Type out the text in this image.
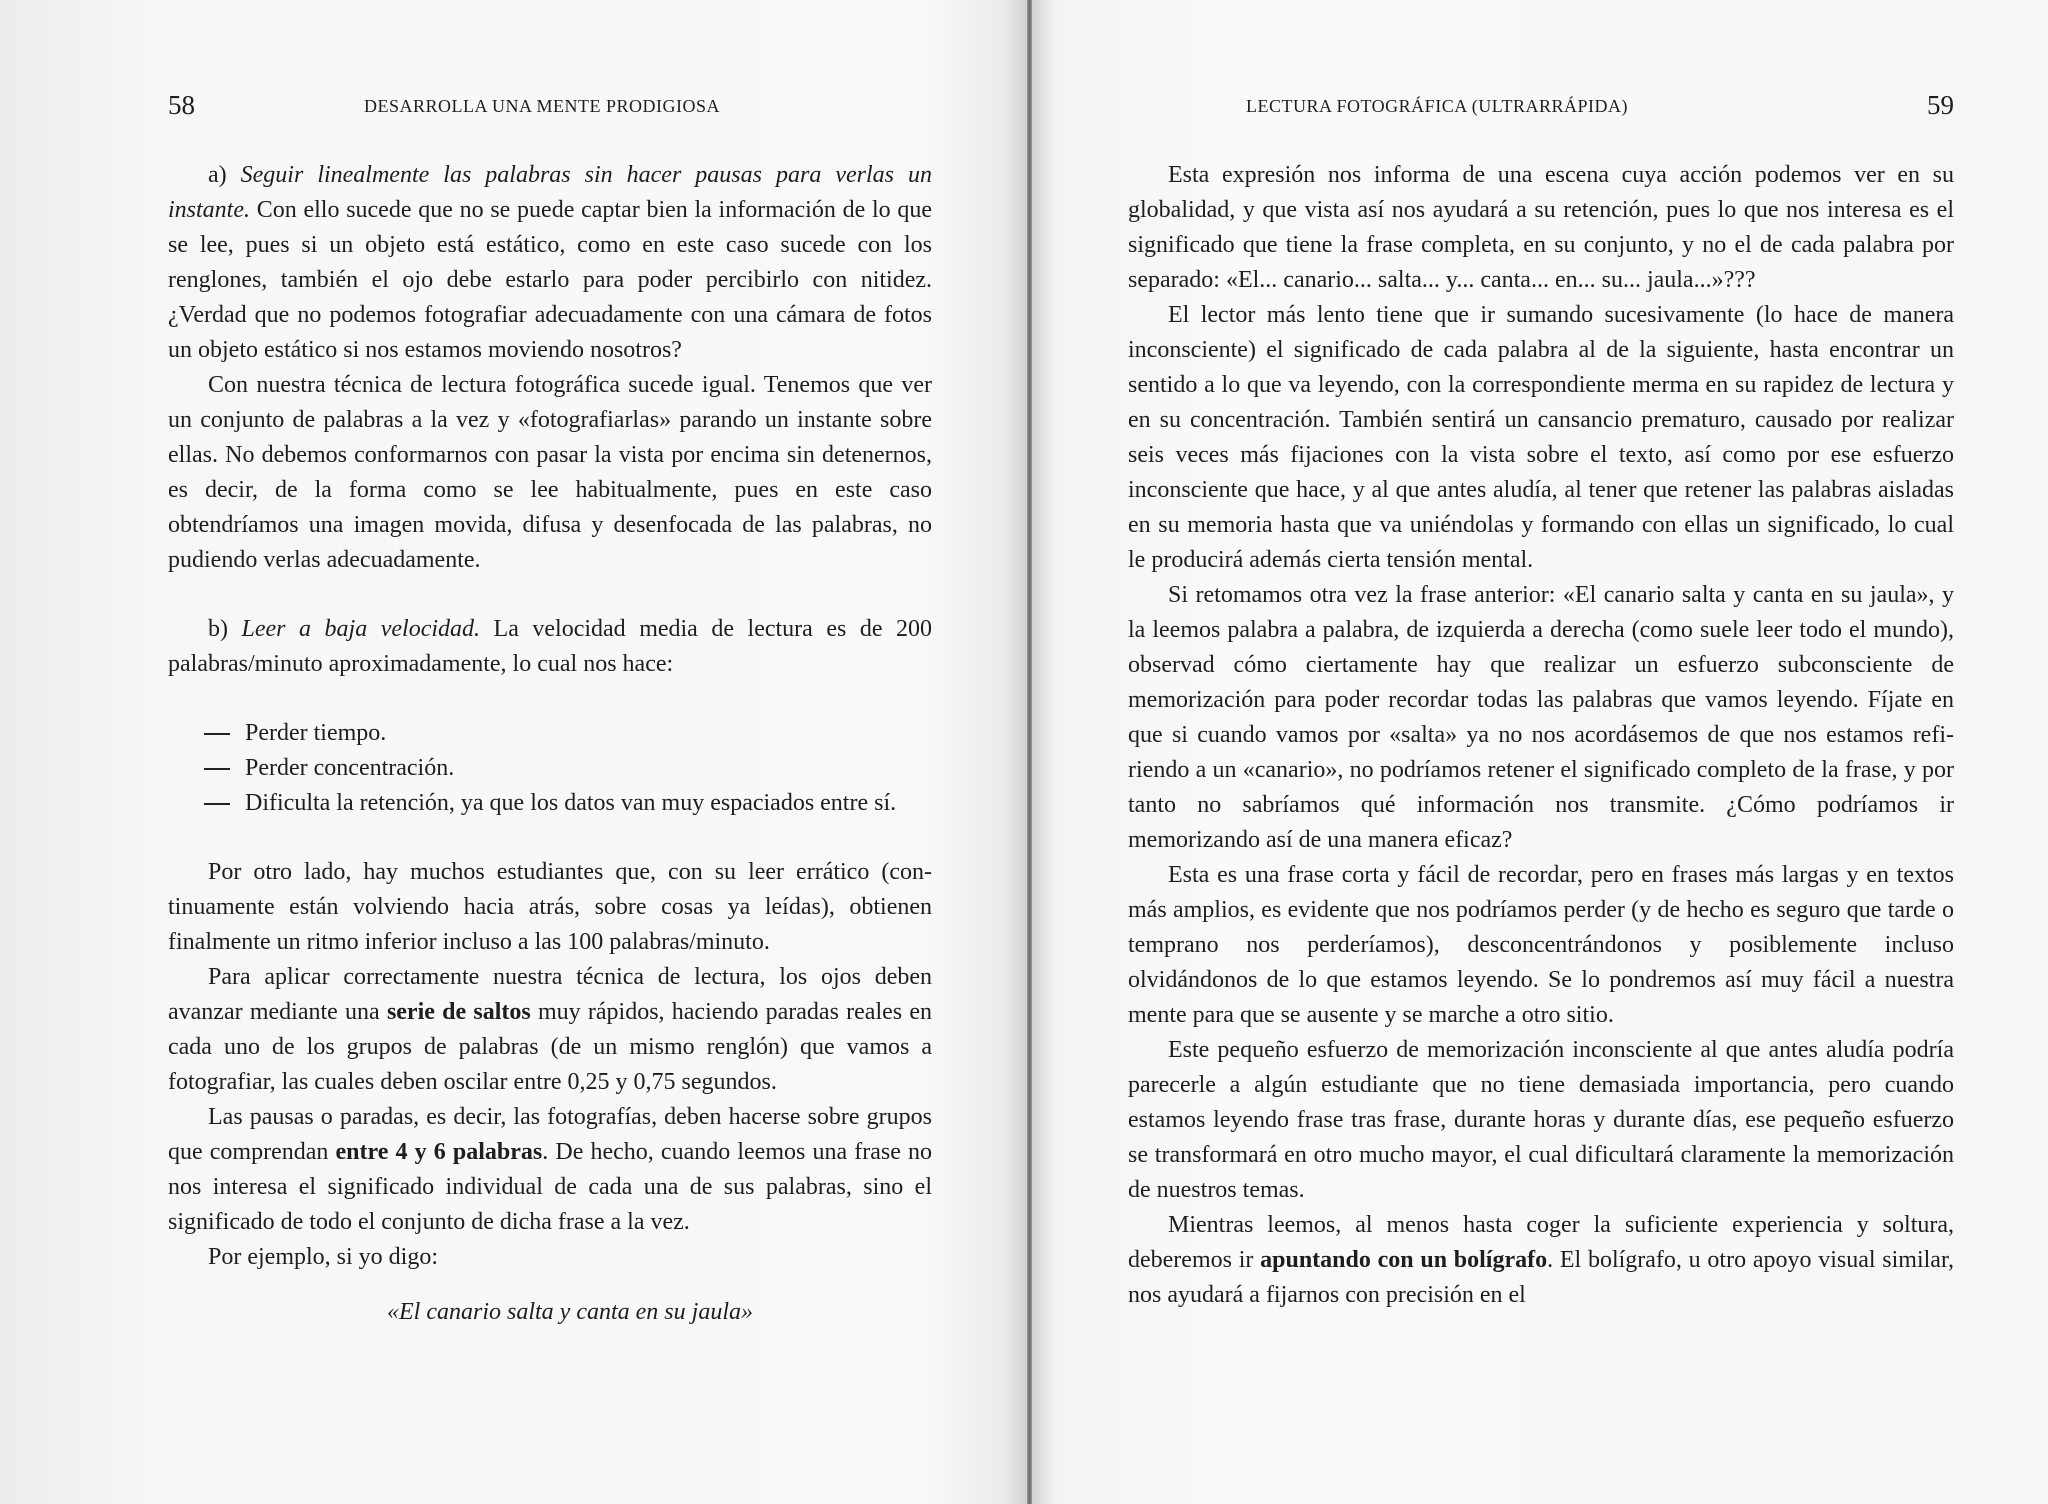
58	DESARROLLA UNA MENTE PRODIGIOSA

a) Seguir linealmente las palabras sin hacer pausas para verlas un instante. Con ello sucede que no se puede captar bien la información de lo que se lee, pues si un objeto está estático, como en este caso sucede con los renglones, también el ojo debe estarlo para poder percibirlo con nitidez. ¿Verdad que no podemos fotografiar adecuadamente con una cámara de fotos un objeto estático si nos estamos moviendo nosotros?

Con nuestra técnica de lectura fotográfica sucede igual. Tenemos que ver un conjunto de palabras a la vez y «fotografiarlas» parando un instante sobre ellas. No debemos conformarnos con pasar la vista por encima sin detenernos, es decir, de la forma como se lee habitualmente, pues en este caso obtendríamos una imagen movida, difusa y desenfocada de las palabras, no pudiendo verlas adecuadamente.

b) Leer a baja velocidad. La velocidad media de lectura es de 200 palabras/minuto aproximadamente, lo cual nos hace:

Perder tiempo.
Perder concentración.
Dificulta la retención, ya que los datos van muy espaciados entre sí.

Por otro lado, hay muchos estudiantes que, con su leer errático (continuamente están volviendo hacia atrás, sobre cosas ya leídas), obtienen finalmente un ritmo inferior incluso a las 100 palabras/minuto.

Para aplicar correctamente nuestra técnica de lectura, los ojos deben avanzar mediante una serie de saltos muy rápidos, haciendo paradas reales en cada uno de los grupos de palabras (de un mismo renglón) que vamos a fotografiar, las cuales deben oscilar entre 0,25 y 0,75 segundos.

Las pausas o paradas, es decir, las fotografías, deben hacerse sobre grupos que comprendan entre 4 y 6 palabras. De hecho, cuando leemos una frase no nos interesa el significado individual de cada una de sus palabras, sino el significado de todo el conjunto de dicha frase a la vez.

Por ejemplo, si yo digo:

«El canario salta y canta en su jaula»

LECTURA FOTOGRÁFICA (ULTRARRÁPIDA)	59

Esta expresión nos informa de una escena cuya acción podemos ver en su globalidad, y que vista así nos ayudará a su retención, pues lo que nos interesa es el significado que tiene la frase completa, en su conjunto, y no el de cada palabra por separado: «El... canario... salta... y... canta... en... su... jaula...»???

El lector más lento tiene que ir sumando sucesivamente (lo hace de manera inconsciente) el significado de cada palabra al de la siguiente, hasta encontrar un sentido a lo que va leyendo, con la correspondiente merma en su rapidez de lectura y en su concentración. También sentirá un cansancio prematuro, causado por realizar seis veces más fijaciones con la vista sobre el texto, así como por ese esfuerzo inconsciente que hace, y al que antes aludía, al tener que retener las palabras aisladas en su memoria hasta que va uniéndolas y formando con ellas un significado, lo cual le producirá además cierta tensión mental.

Si retomamos otra vez la frase anterior: «El canario salta y canta en su jaula», y la leemos palabra a palabra, de izquierda a derecha (como suele leer todo el mundo), observad cómo ciertamente hay que realizar un esfuerzo subconsciente de memorización para poder recordar todas las palabras que vamos leyendo. Fíjate en que si cuando vamos por «salta» ya no nos acordásemos de que nos estamos refiriendo a un «canario», no podríamos retener el significado completo de la frase, y por tanto no sabríamos qué información nos transmite. ¿Cómo podríamos ir memorizando así de una manera eficaz?

Esta es una frase corta y fácil de recordar, pero en frases más largas y en textos más amplios, es evidente que nos podríamos perder (y de hecho es seguro que tarde o temprano nos perderíamos), desconcentrándonos y posiblemente incluso olvidándonos de lo que estamos leyendo. Se lo pondremos así muy fácil a nuestra mente para que se ausente y se marche a otro sitio.

Este pequeño esfuerzo de memorización inconsciente al que antes aludía podría parecerle a algún estudiante que no tiene demasiada importancia, pero cuando estamos leyendo frase tras frase, durante horas y durante días, ese pequeño esfuerzo se transformará en otro mucho mayor, el cual dificultará claramente la memorización de nuestros temas.

Mientras leemos, al menos hasta coger la suficiente experiencia y soltura, deberemos ir apuntando con un bolígrafo. El bolígrafo, u otro apoyo visual similar, nos ayudará a fijarnos con precisión en el
